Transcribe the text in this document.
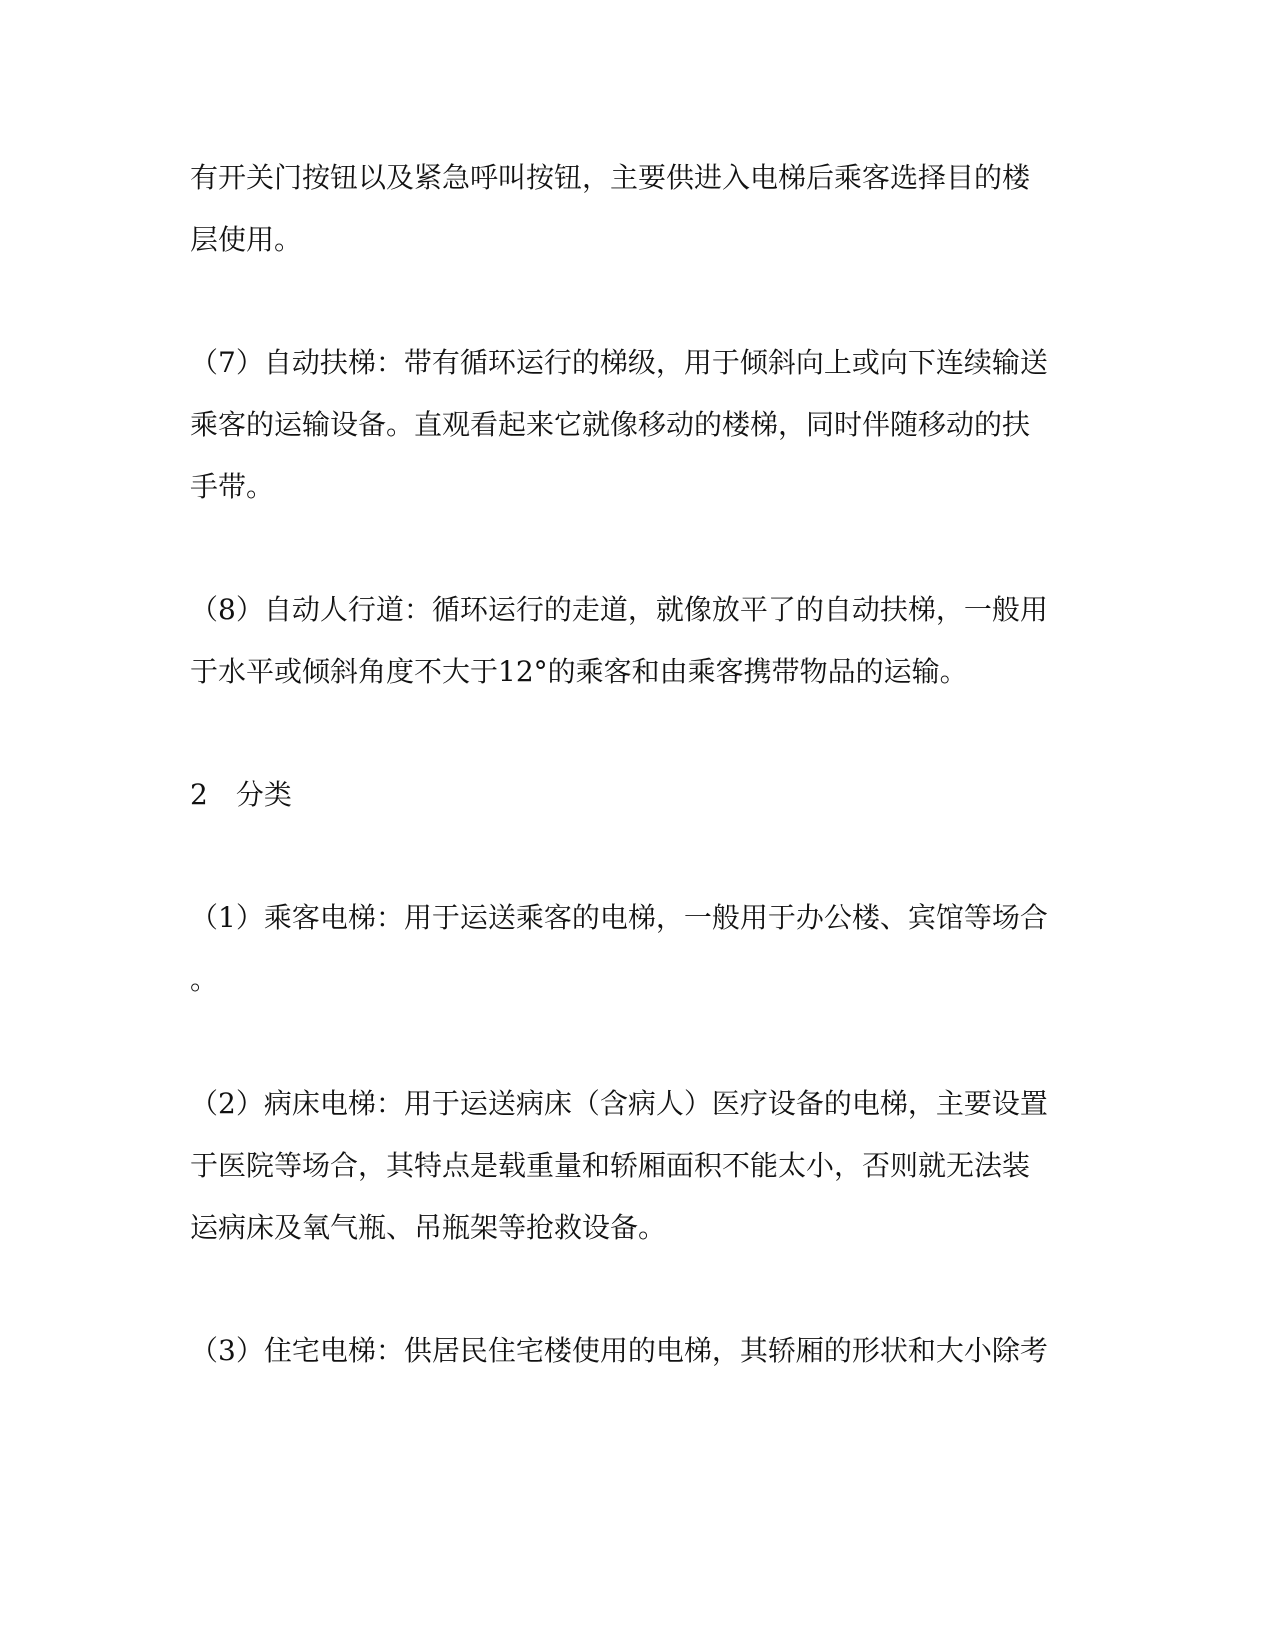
有开关门按钮以及紧急呼叫按钮，主要供进入电梯后乘客选择目的楼

层使用。

（7）自动扶梯：带有循环运行的梯级，用于倾斜向上或向下连续输送

乘客的运输设备。直观看起来它就像移动的楼梯，同时伴随移动的扶

手带。

（8）自动人行道：循环运行的走道，就像放平了的自动扶梯，一般用

于水平或倾斜角度不大于12°的乘客和由乘客携带物品的运输。

2　分类

（1）乘客电梯：用于运送乘客的电梯，一般用于办公楼、宾馆等场合

。

（2）病床电梯：用于运送病床（含病人）医疗设备的电梯，主要设置

于医院等场合，其特点是载重量和轿厢面积不能太小，否则就无法装

运病床及氧气瓶、吊瓶架等抢救设备。

（3）住宅电梯：供居民住宅楼使用的电梯，其轿厢的形状和大小除考
